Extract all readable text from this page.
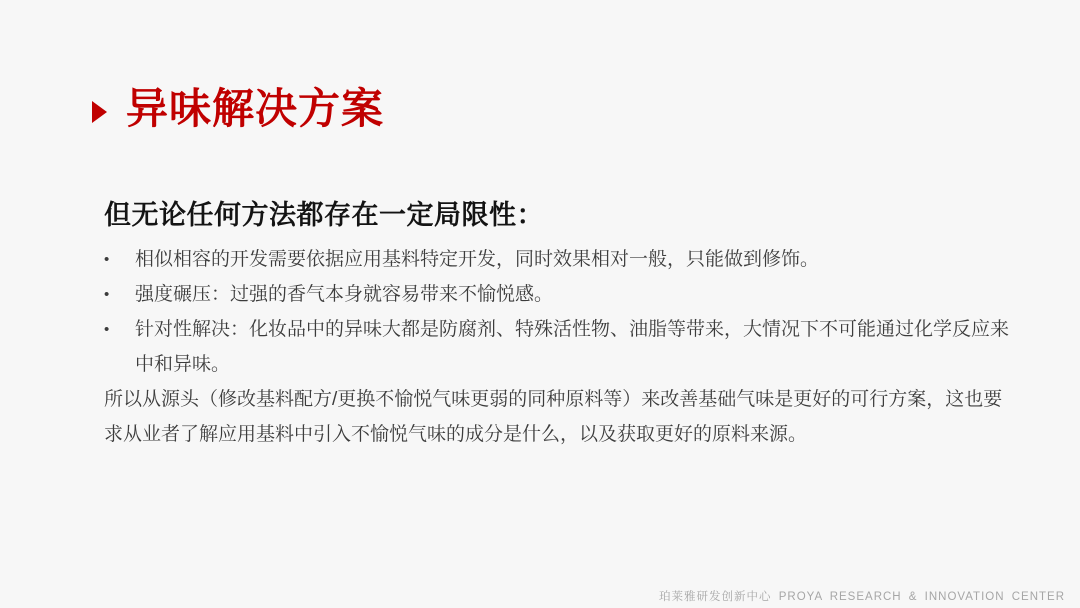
异味解决方案
但无论任何方法都存在一定局限性：
•	相似相容的开发需要依据应用基料特定开发，同时效果相对一般，只能做到修饰。
•	强度碾压：过强的香气本身就容易带来不愉悦感。
•	针对性解决：化妆品中的异味大都是防腐剂、特殊活性物、油脂等带来，大情况下不可能通过化学反应来中和异味。

所以从源头（修改基料配方/更换不愉悦气味更弱的同种原料等）来改善基础气味是更好的可行方案，这也要求从业者了解应用基料中引入不愉悦气味的成分是什么，以及获取更好的原料来源。

珀莱雅研发创新中心 PROYA RESEARCH & INNOVATION CENTER
